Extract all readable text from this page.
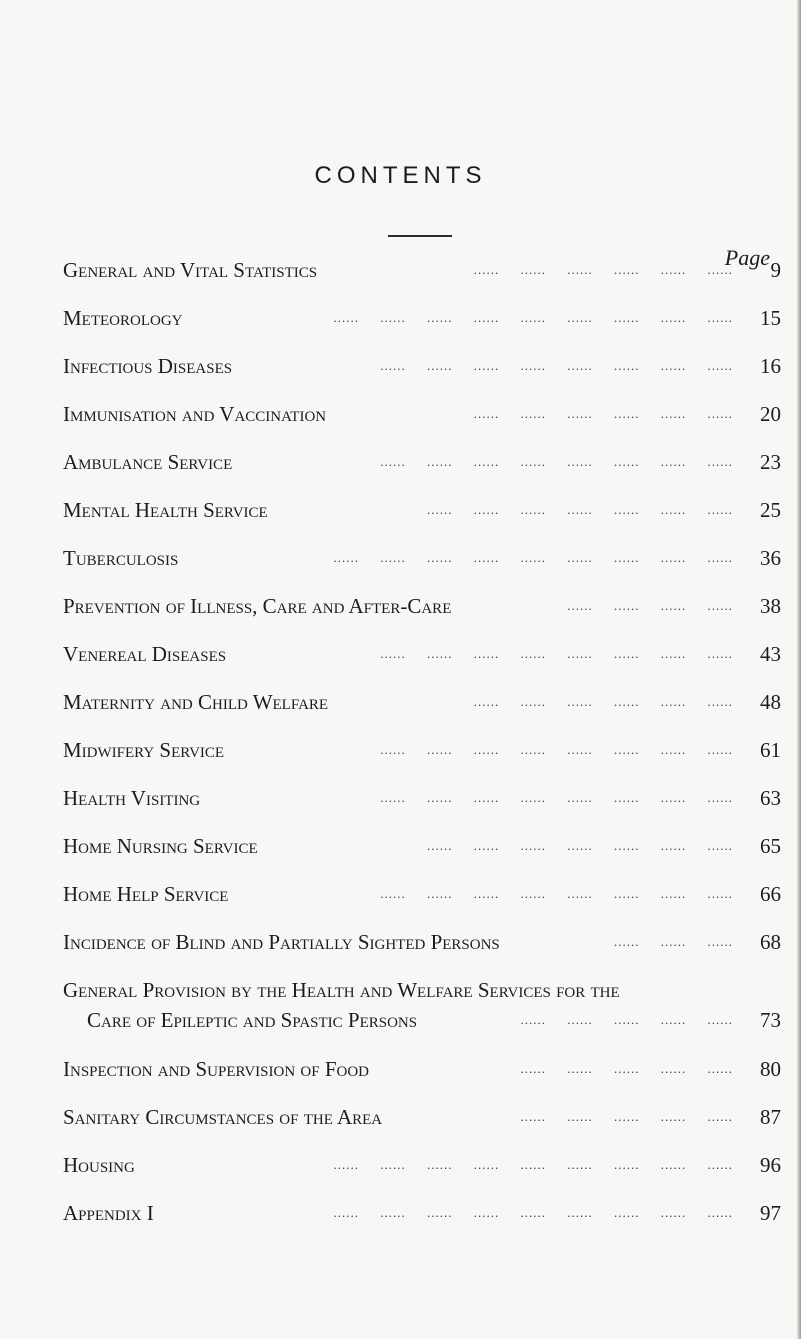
CONTENTS
Page
General and Vital Statistics	......     ......     ......     ......     ......     ......	9
Meteorology	......     ......     ......     ......     ......     ......     ......     ......     ......	15
Infectious Diseases	......     ......     ......     ......     ......     ......     ......     ......	16
Immunisation and Vaccination	......     ......     ......     ......     ......     ......	20
Ambulance Service	......     ......     ......     ......     ......     ......     ......     ......	23
Mental Health Service	......     ......     ......     ......     ......     ......     ......	25
Tuberculosis	......     ......     ......     ......     ......     ......     ......     ......     ......	36
Prevention of Illness, Care and After-Care	......     ......     ......     ......	38
Venereal Diseases	......     ......     ......     ......     ......     ......     ......     ......	43
Maternity and Child Welfare	......     ......     ......     ......     ......     ......	48
Midwifery Service	......     ......     ......     ......     ......     ......     ......     ......	61
Health Visiting	......     ......     ......     ......     ......     ......     ......     ......	63
Home Nursing Service	......     ......     ......     ......     ......     ......     ......	65
Home Help Service	......     ......     ......     ......     ......     ......     ......     ......	66
Incidence of Blind and Partially Sighted Persons	......     ......     ......	68
General Provision by the Health and Welfare Services for the
Care of Epileptic and Spastic Persons	......     ......     ......     ......     ......	73
Inspection and Supervision of Food	......     ......     ......     ......     ......	80
Sanitary Circumstances of the Area	......     ......     ......     ......     ......	87
Housing	......     ......     ......     ......     ......     ......     ......     ......     ......	96
Appendix I	......     ......     ......     ......     ......     ......     ......     ......     ......	97
